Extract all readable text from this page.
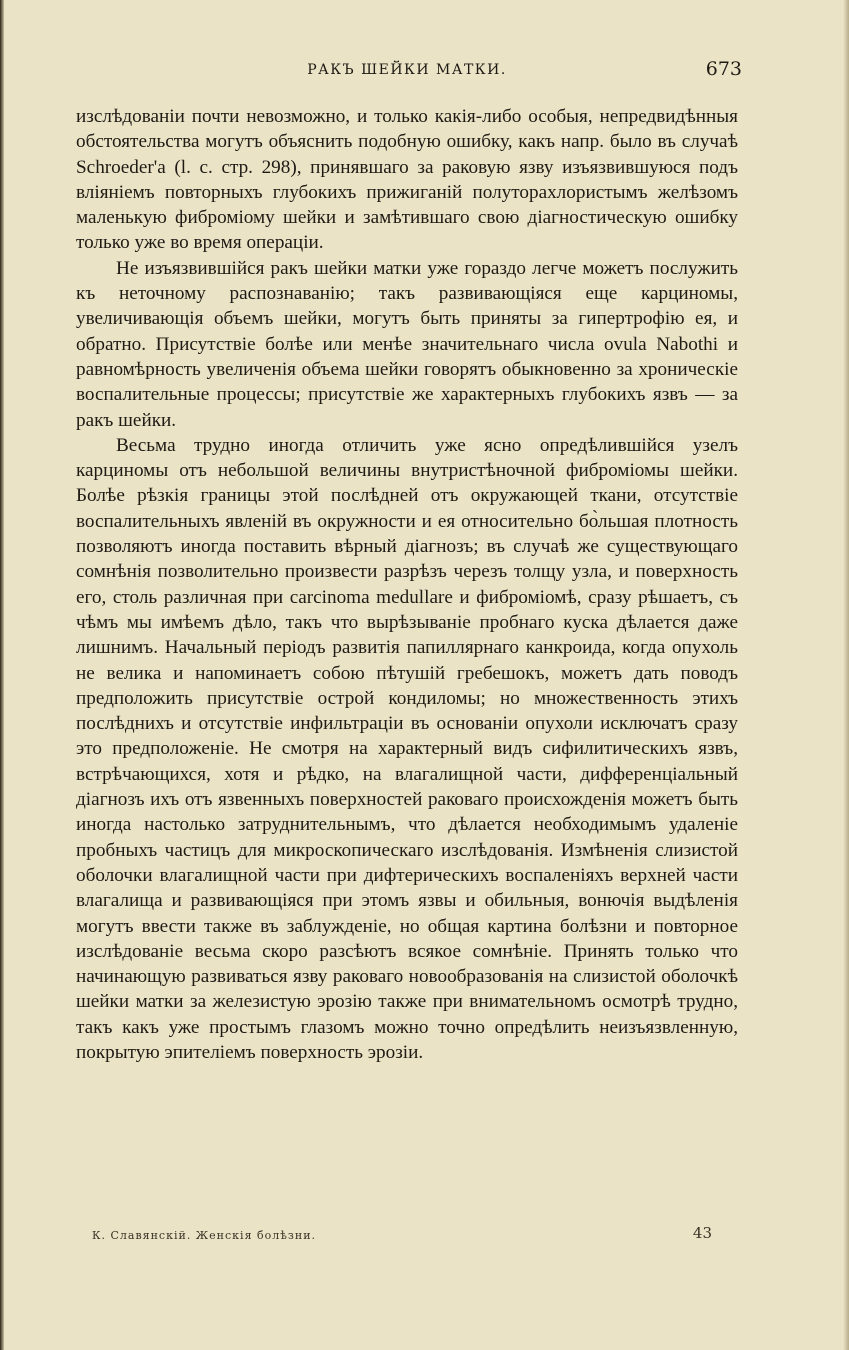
РАКЪ ШЕЙКИ МАТКИ.	673

изслѣдованіи почти невозможно, и только какія-либо особыя, непредвидѣнныя обстоятельства могутъ объяснить подобную ошибку, какъ напр. было въ случаѣ Schroeder'a (l. с. стр. 298), принявшаго за раковую язву изъязвившуюся подъ вліяніемъ повторныхъ глубокихъ прижиганій полуторахлористымъ желѣзомъ маленькую фиброміому шейки и замѣтившаго свою діагностическую ошибку только уже во время операціи.

Не изъязвившійся ракъ шейки матки уже гораздо легче можетъ послужить къ неточному распознаванію; такъ развивающіяся еще карциномы, увеличивающія объемъ шейки, могутъ быть приняты за гипертрофію ея, и обратно. Присутствіе болѣе или менѣе значительнаго числа ovula Nabothi и равномѣрность увеличенія объема шейки говорятъ обыкновенно за хроническіе воспалительные процессы; присутствіе же характерныхъ глубокихъ язвъ — за ракъ шейки.

Весьма трудно иногда отличить уже ясно опредѣлившійся узелъ карциномы отъ небольшой величины внутристѣночной фиброміомы шейки. Болѣе рѣзкія границы этой послѣдней отъ окружающей ткани, отсутствіе воспалительныхъ явленій въ окружности и ея относительно бо̀льшая плотность позволяютъ иногда поставить вѣрный діагнозъ; въ случаѣ же существующаго сомнѣнія позволительно произвести разрѣзъ черезъ толщу узла, и поверхность его, столь различная при carcinoma medullare и фиброміомѣ, сразу рѣшаетъ, съ чѣмъ мы имѣемъ дѣло, такъ что вырѣзываніе пробнаго куска дѣлается даже лишнимъ. Начальный періодъ развитія папиллярнаго канкроида, когда опухоль не велика и напоминаетъ собою пѣтушій гребешокъ, можетъ дать поводъ предположить присутствіе острой кондиломы; но множественность этихъ послѣднихъ и отсутствіе инфильтраціи въ основаніи опухоли исключатъ сразу это предположеніе. Не смотря на характерный видъ сифилитическихъ язвъ, встрѣчающихся, хотя и рѣдко, на влагалищной части, дифференціальный діагнозъ ихъ отъ язвенныхъ поверхностей раковаго происхожденія можетъ быть иногда настолько затруднительнымъ, что дѣлается необходимымъ удаленіе пробныхъ частицъ для микроскопическаго изслѣдованія. Измѣненія слизистой оболочки влагалищной части при дифтерическихъ воспаленіяхъ верхней части влагалища и развивающіяся при этомъ язвы и обильныя, вонючія выдѣленія могутъ ввести также въ заблужденіе, но общая картина болѣзни и повторное изслѣдованіе весьма скоро разсѣютъ всякое сомнѣніе. Принять только что начинающую развиваться язву раковаго новообразованія на слизистой оболочкѣ шейки матки за железистую эрозію также при внимательномъ осмотрѣ трудно, такъ какъ уже простымъ глазомъ можно точно опредѣлить неизъязвленную, покрытую эпителіемъ поверхность эрозіи.

К. Славянскій. Женскія болѣзни.	43
